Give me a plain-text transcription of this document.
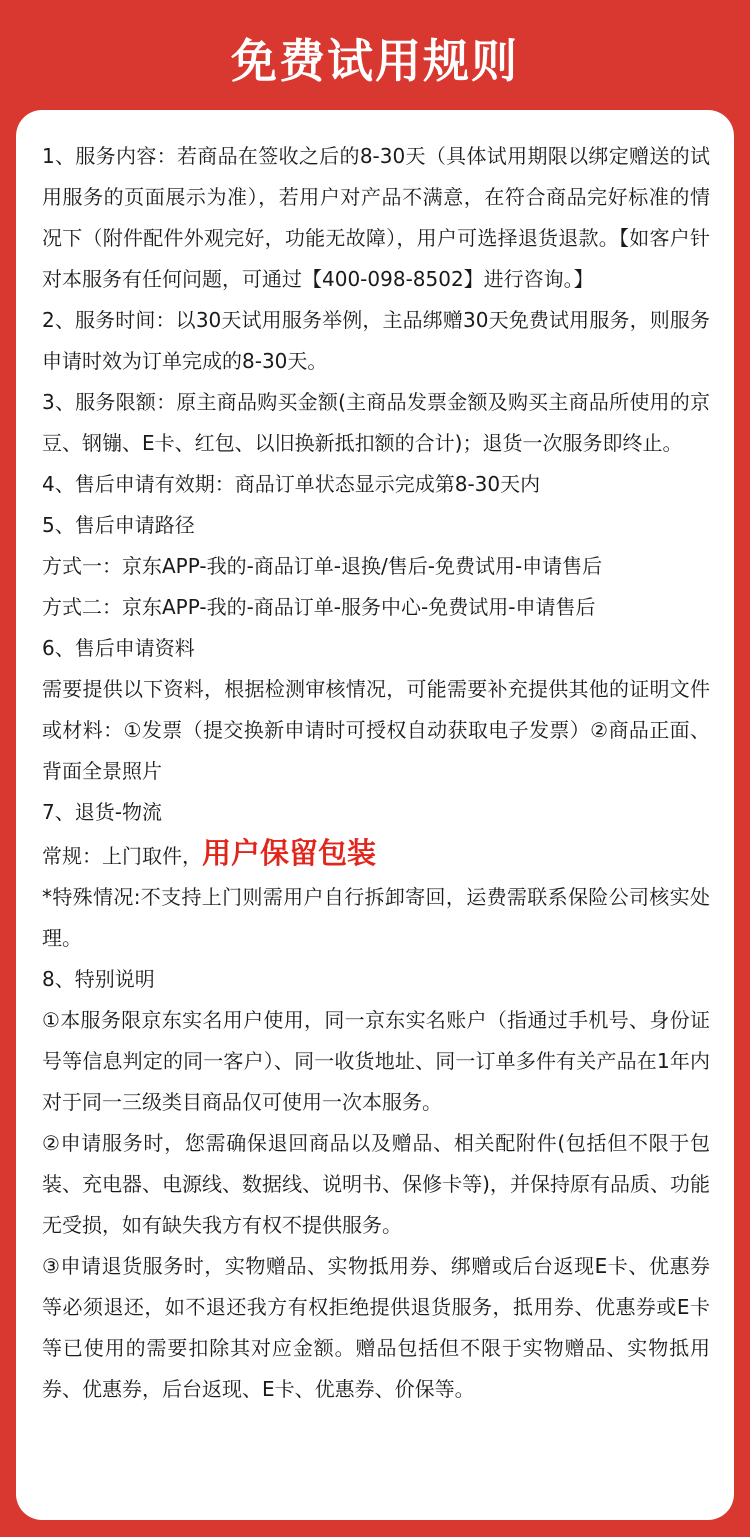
免费试用规则

1、服务内容：若商品在签收之后的8-30天（具体试用期限以绑定赠送的试用服务的页面展示为准），若用户对产品不满意，在符合商品完好标准的情况下（附件配件外观完好，功能无故障），用户可选择退货退款。【如客户针对本服务有任何问题，可通过【400-098-8502】进行咨询。】

2、服务时间：以30天试用服务举例，主品绑赠30天免费试用服务，则服务申请时效为订单完成的8-30天。

3、服务限额：原主商品购买金额(主商品发票金额及购买主商品所使用的京豆、钢镚、E卡、红包、以旧换新抵扣额的合计)；退货一次服务即终止。

4、售后申请有效期：商品订单状态显示完成第8-30天内

5、售后申请路径

方式一：京东APP-我的-商品订单-退换/售后-免费试用-申请售后

方式二：京东APP-我的-商品订单-服务中心-免费试用-申请售后

6、售后申请资料

需要提供以下资料，根据检测审核情况，可能需要补充提供其他的证明文件或材料：①发票（提交换新申请时可授权自动获取电子发票）②商品正面、背面全景照片

7、退货-物流

常规：上门取件，用户保留包装

*特殊情况:不支持上门则需用户自行拆卸寄回，运费需联系保险公司核实处理。

8、特别说明

①本服务限京东实名用户使用，同一京东实名账户（指通过手机号、身份证号等信息判定的同一客户）、同一收货地址、同一订单多件有关产品在1年内对于同一三级类目商品仅可使用一次本服务。

②申请服务时，您需确保退回商品以及赠品、相关配附件(包括但不限于包装、充电器、电源线、数据线、说明书、保修卡等)，并保持原有品质、功能无受损，如有缺失我方有权不提供服务。

③申请退货服务时，实物赠品、实物抵用券、绑赠或后台返现E卡、优惠券等必须退还，如不退还我方有权拒绝提供退货服务，抵用券、优惠券或E卡等已使用的需要扣除其对应金额。赠品包括但不限于实物赠品、实物抵用券、优惠券，后台返现、E卡、优惠券、价保等。
